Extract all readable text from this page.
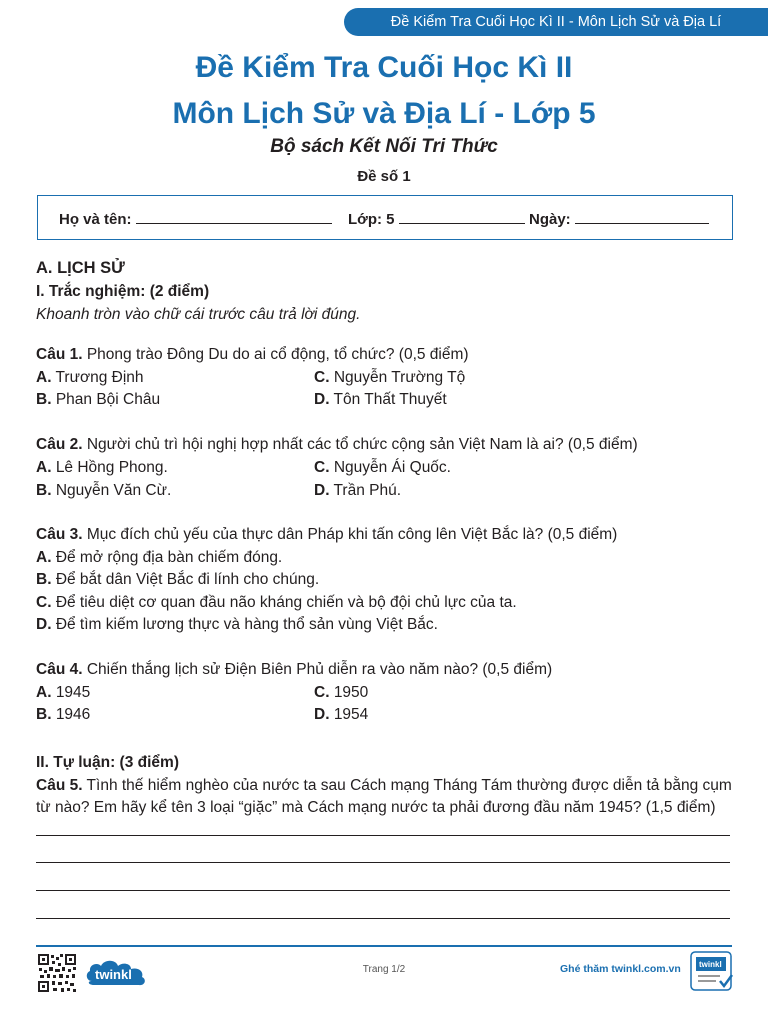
Đề Kiểm Tra Cuối Học Kì II - Môn Lịch Sử và Địa Lí
Đề Kiểm Tra Cuối Học Kì II
Môn Lịch Sử và Địa Lí - Lớp 5
Bộ sách Kết Nối Tri Thức
Đề số 1
Họ và tên:	Lớp: 5	Ngày:
A. LỊCH SỬ
I. Trắc nghiệm: (2 điểm)
Khoanh tròn vào chữ cái trước câu trả lời đúng.
Câu 1. Phong trào Đông Du do ai cổ động, tổ chức? (0,5 điểm)
A. Trương Định	C. Nguyễn Trường Tộ
B. Phan Bội Châu	D. Tôn Thất Thuyết
Câu 2. Người chủ trì hội nghị hợp nhất các tổ chức cộng sản Việt Nam là ai? (0,5 điểm)
A. Lê Hồng Phong.	C. Nguyễn Ái Quốc.
B. Nguyễn Văn Cừ.	D. Trần Phú.
Câu 3. Mục đích chủ yếu của thực dân Pháp khi tấn công lên Việt Bắc là? (0,5 điểm)
A. Để mở rộng địa bàn chiếm đóng.
B. Để bắt dân Việt Bắc đi lính cho chúng.
C. Để tiêu diệt cơ quan đầu não kháng chiến và bộ đội chủ lực của ta.
D. Để tìm kiếm lương thực và hàng thổ sản vùng Việt Bắc.
Câu 4. Chiến thắng lịch sử Điện Biên Phủ diễn ra vào năm nào? (0,5 điểm)
A. 1945	C. 1950
B. 1946	D. 1954
II. Tự luận: (3 điểm)
Câu 5. Tình thế hiểm nghèo của nước ta sau Cách mạng Tháng Tám thường được diễn tả bằng cụm từ nào? Em hãy kể tên 3 loại “giặc” mà Cách mạng nước ta phải đương đầu năm 1945? (1,5 điểm)
twinkl	Trang 1/2	Ghé thăm twinkl.com.vn twinkl
